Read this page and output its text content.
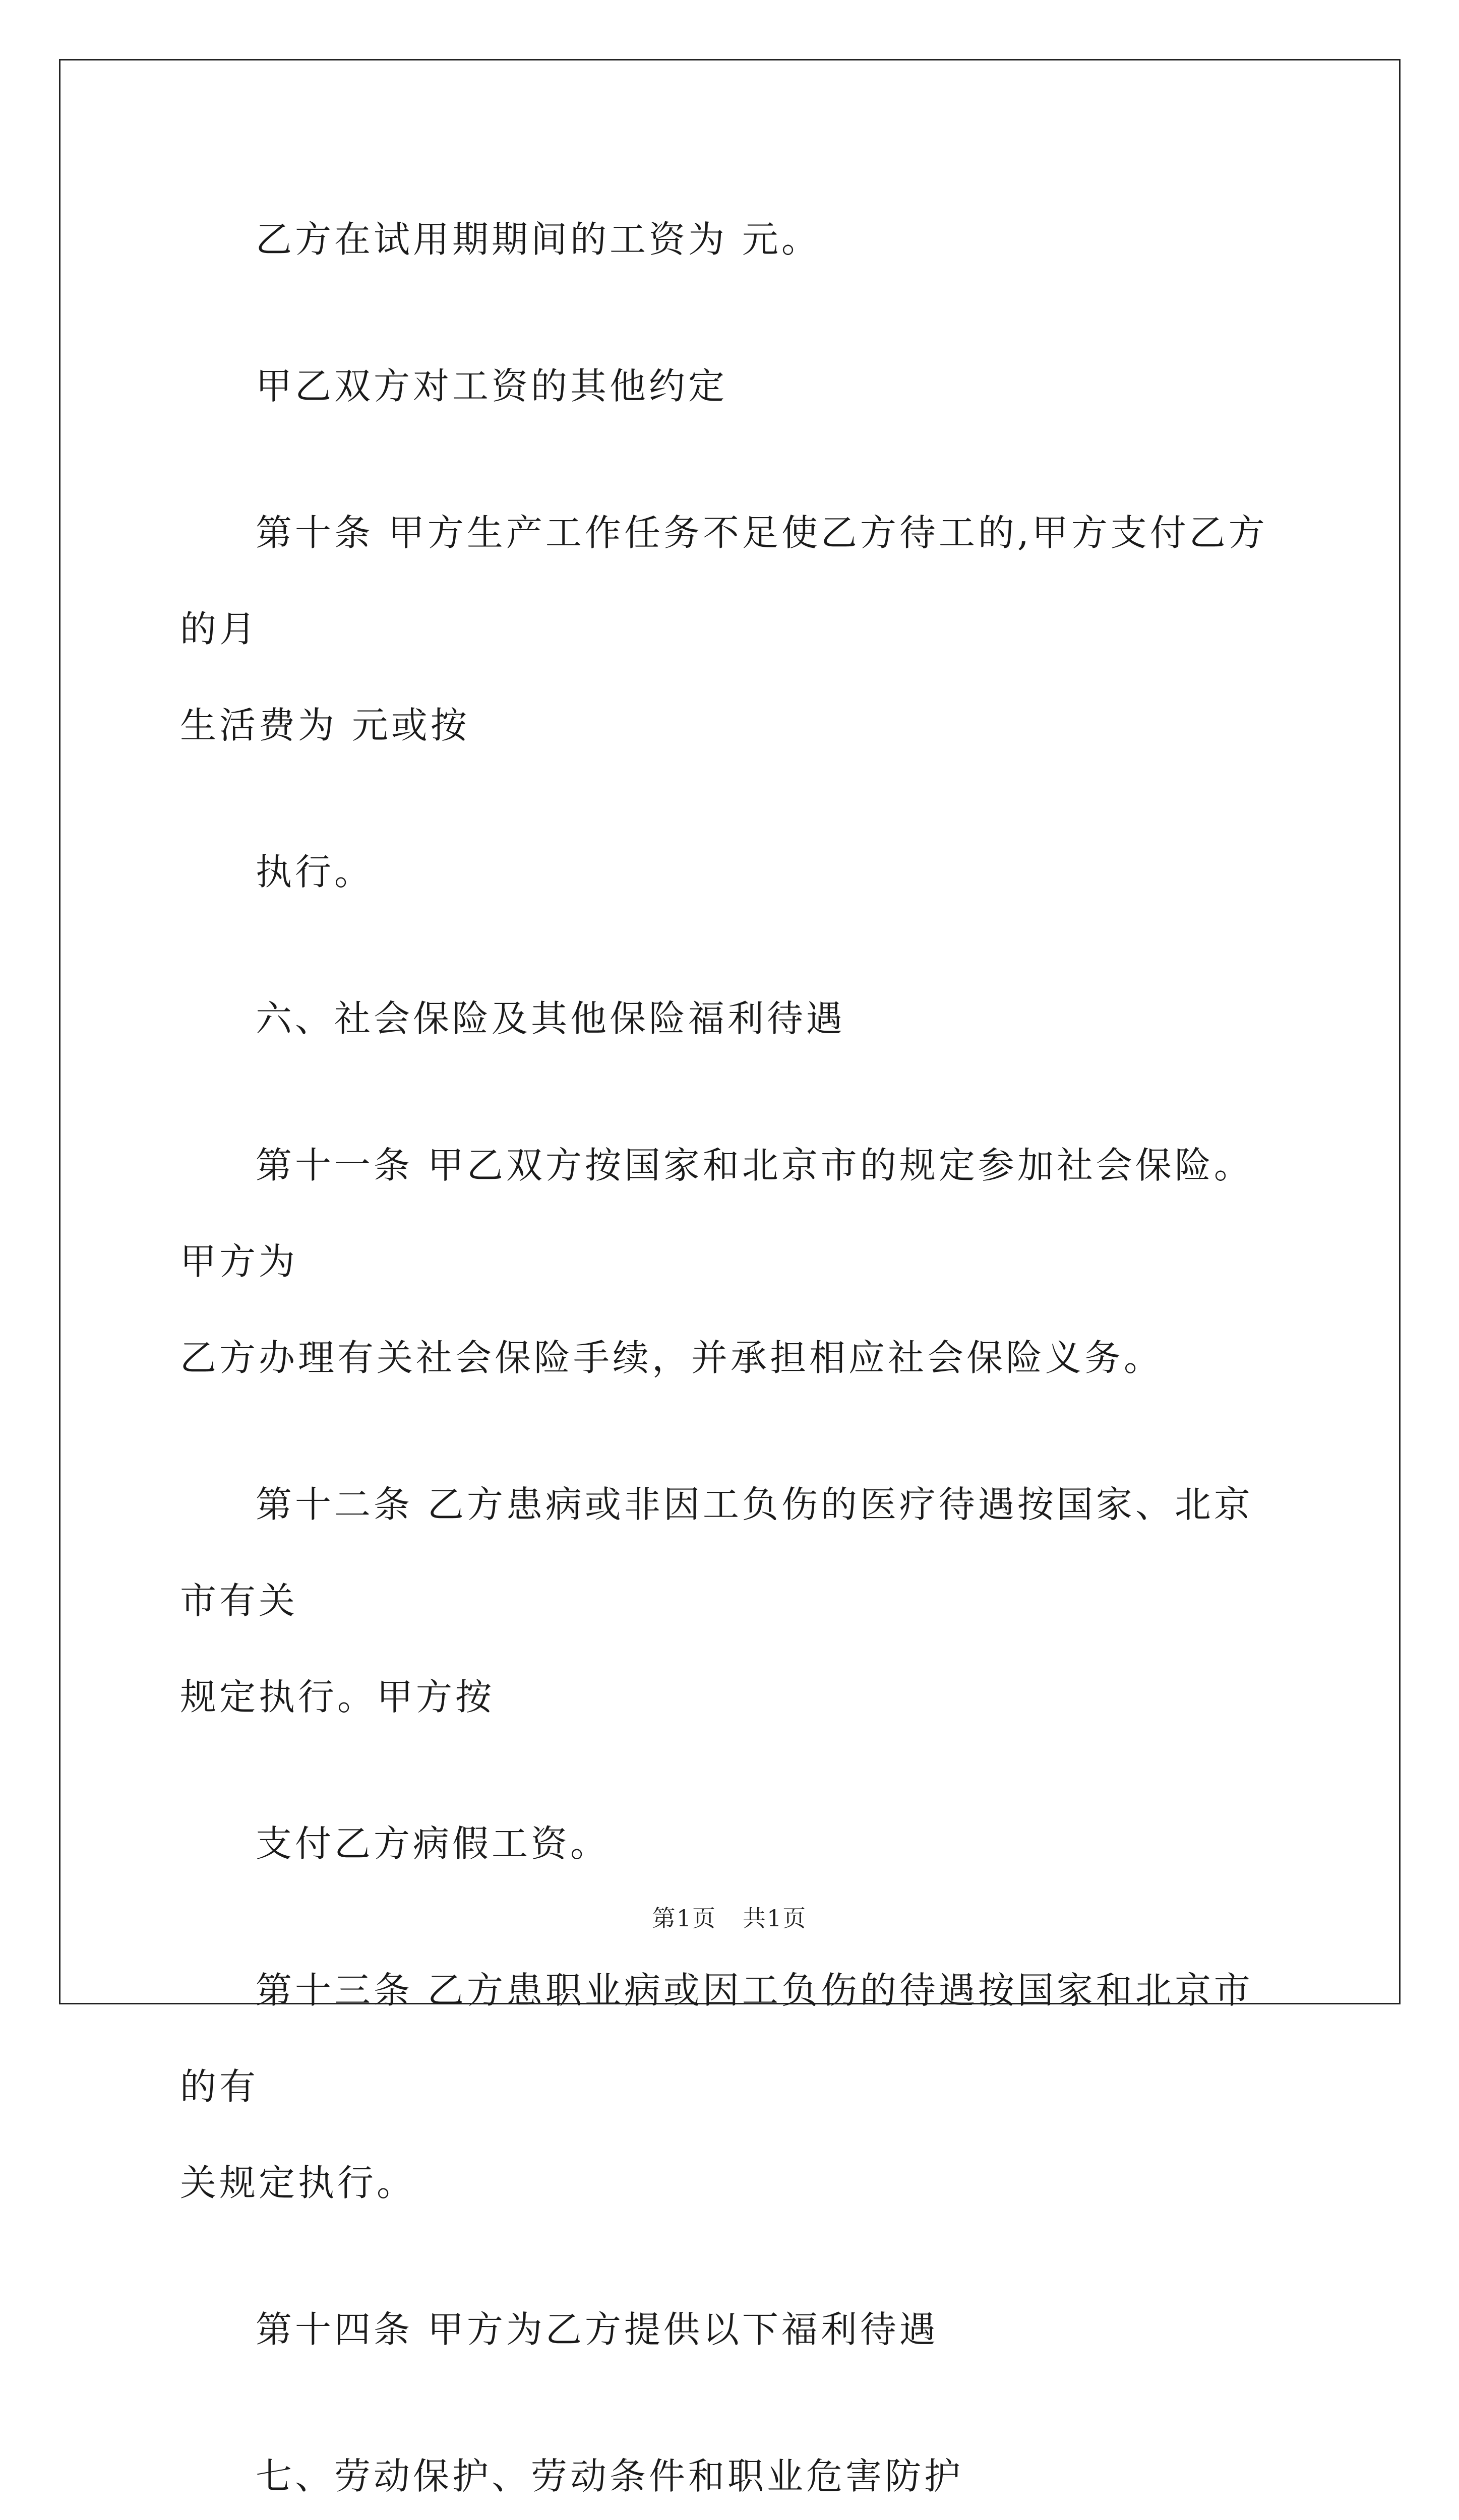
乙方在试用期期间的工资为 元。

甲乙双方对工资的其他约定

第十条 甲方生产工作任务不足使乙方待工的,甲方支付乙方的月
生活费为 元或按

执行。

六、社会保险及其他保险福利待遇

第十一条 甲乙双方按国家和北京市的规定参加社会保险。甲方为
乙方办理有关社会保险手续，并承担相应社会保险义务。

第十二条 乙方患病或非因工负伤的医疗待遇按国家、北京市有关
规定执行。甲方按

支付乙方病假工资。

第十三条 乙方患职业病或因工负伤的待遇按国家和北京市的有
关规定执行。

第十四条 甲方为乙方提供以下福利待遇

七、劳动保护、劳动条件和职业危害防护

第1页 共1页
